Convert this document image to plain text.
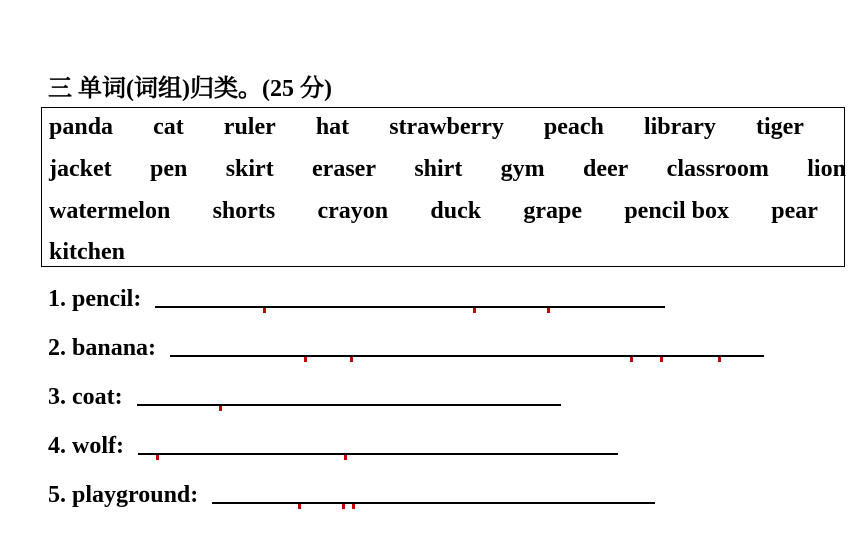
三 单词(词组)归类。(25 分)
panda cat ruler hat strawberry peach library tiger
jacket pen skirt eraser shirt gym deer classroom lion
watermelon shorts crayon duck grape pencil box pear
kitchen
1. pencil:
2. banana:
3. coat:
4. wolf:
5. playground:
